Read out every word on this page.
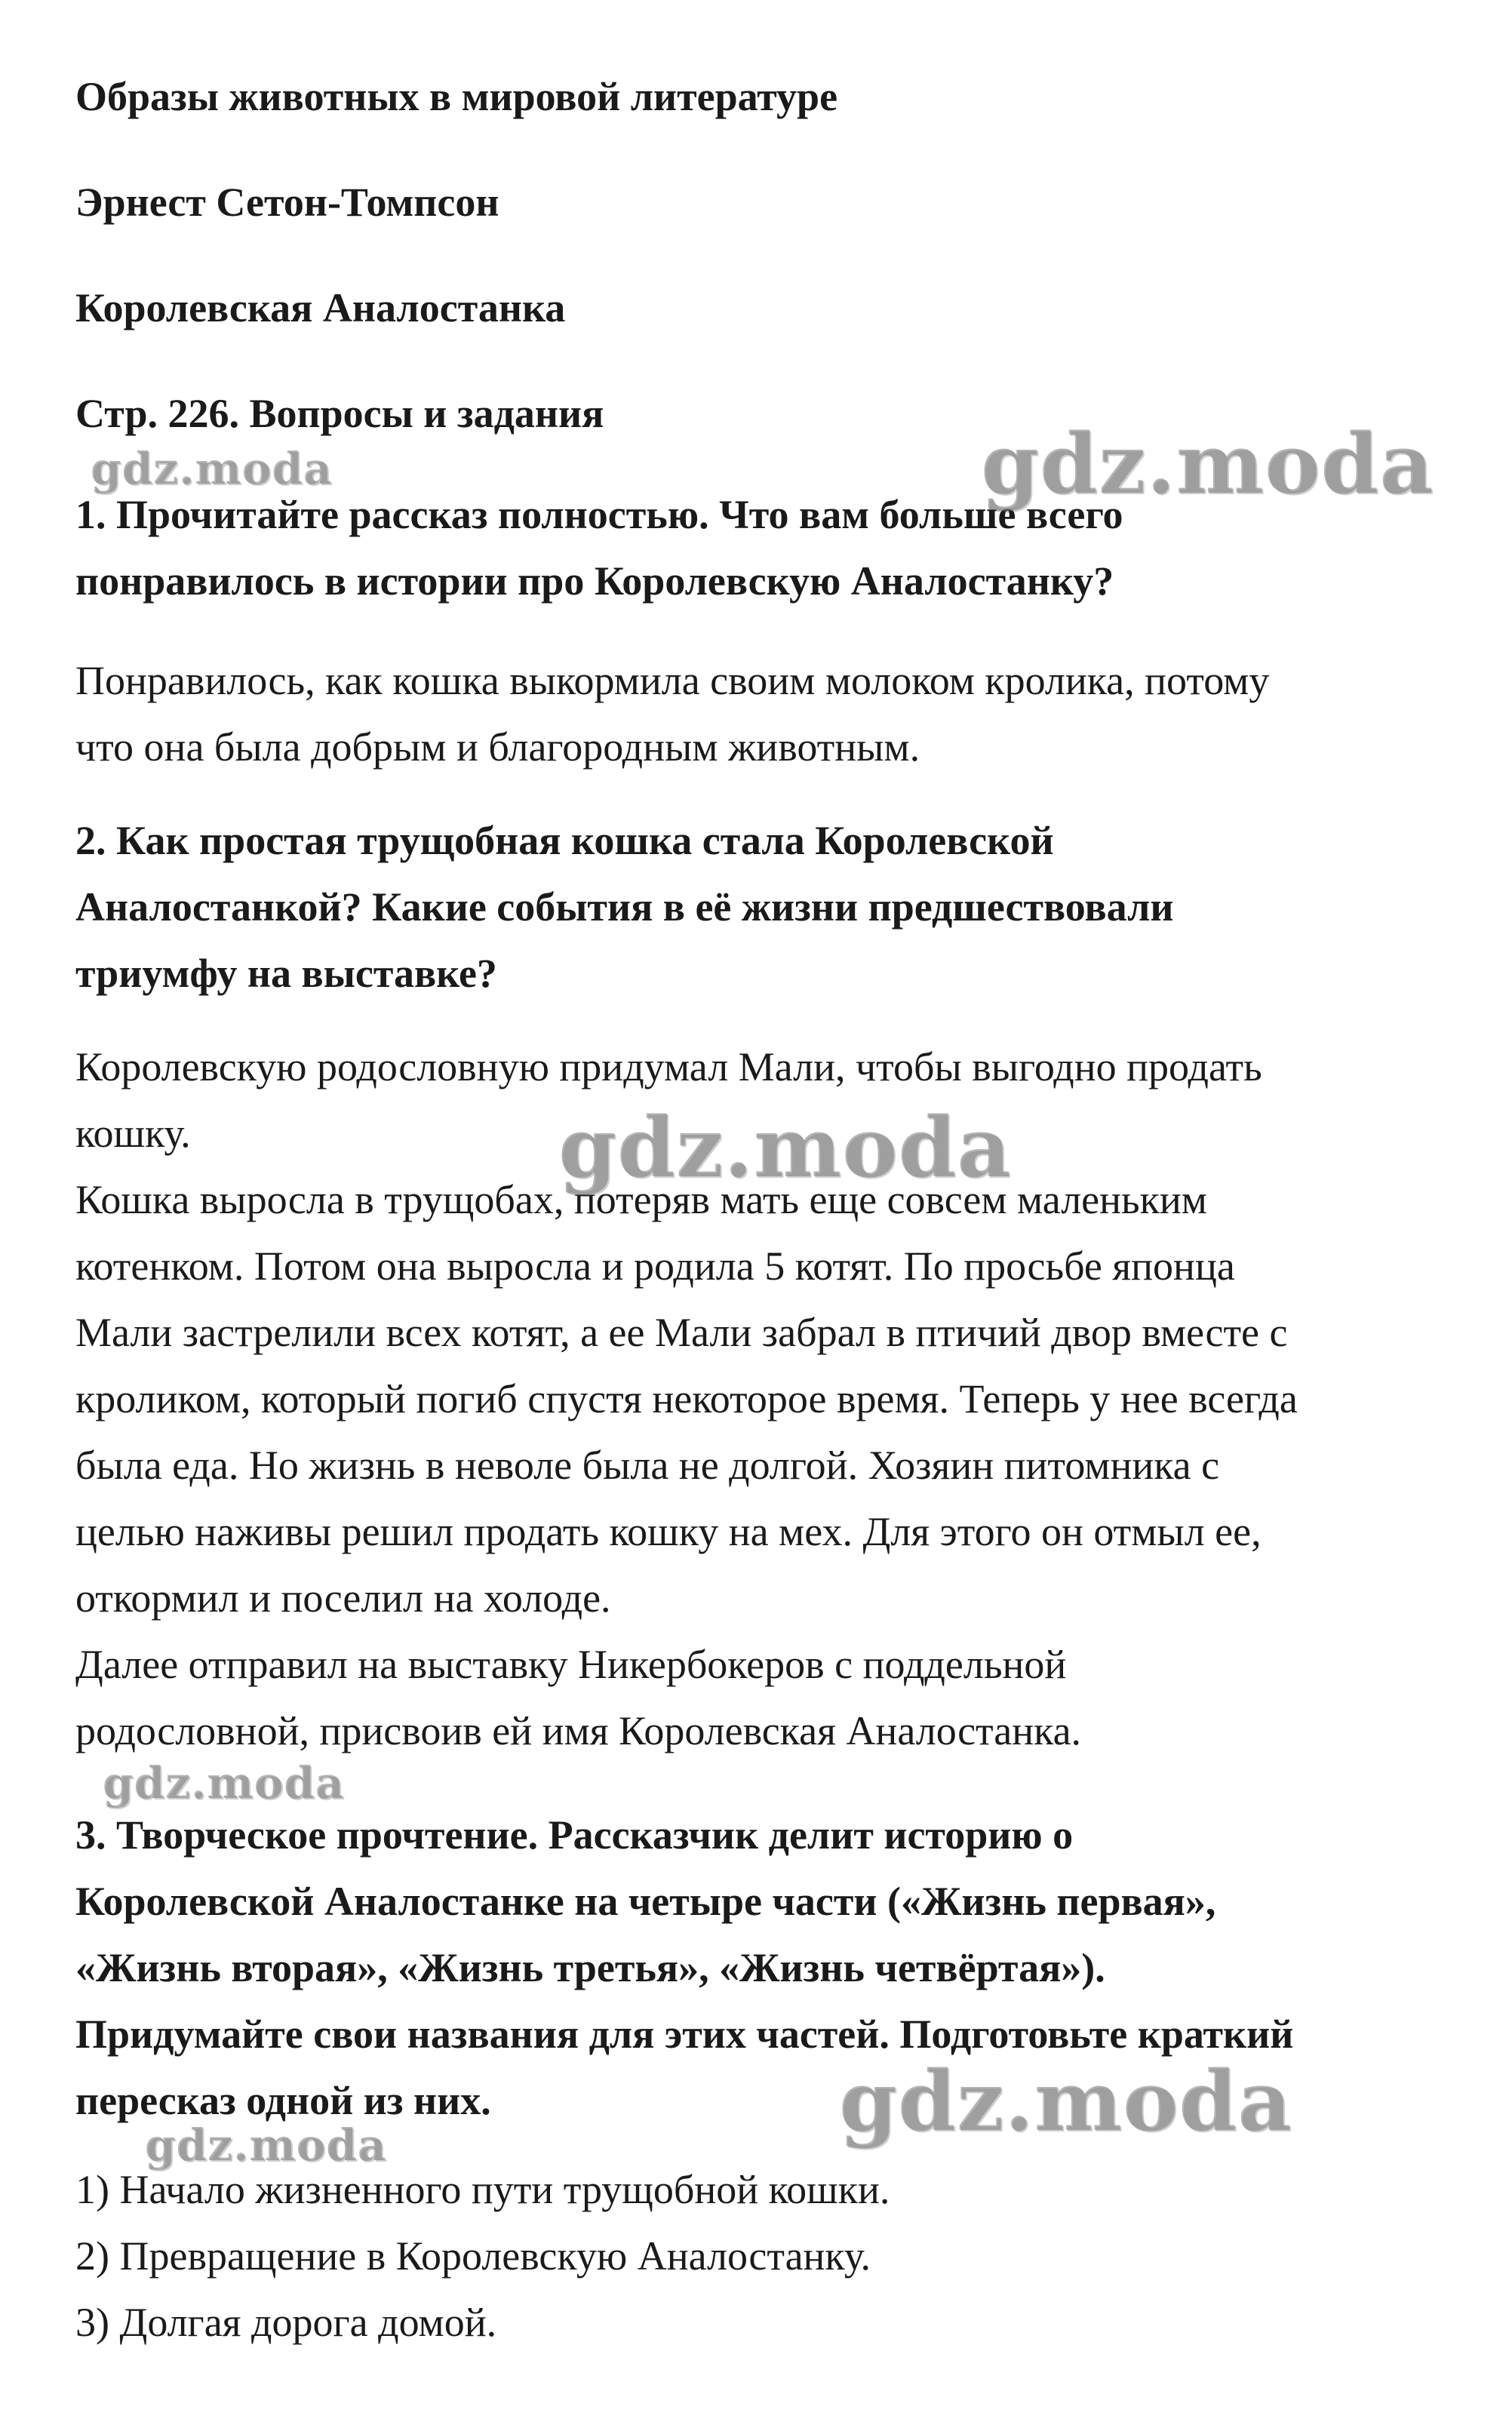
Образы животных в мировой литературе
Эрнест Сетон-Томпсон
Королевская Аналостанка
Стр. 226. Вопросы и задания
1. Прочитайте рассказ полностью. Что вам больше всего
понравилось в истории про Королевскую Аналостанку?
Понравилось, как кошка выкормила своим молоком кролика, потому
что она была добрым и благородным животным.
2. Как простая трущобная кошка стала Королевской
Аналостанкой? Какие события в её жизни предшествовали
триумфу на выставке?
Королевскую родословную придумал Мали, чтобы выгодно продать
кошку.
Кошка выросла в трущобах, потеряв мать еще совсем маленьким
котенком. Потом она выросла и родила 5 котят. По просьбе японца
Мали застрелили всех котят, а ее Мали забрал в птичий двор вместе с
кроликом, который погиб спустя некоторое время. Теперь у нее всегда
была еда. Но жизнь в неволе была не долгой. Хозяин питомника с
целью наживы решил продать кошку на мех. Для этого он отмыл ее,
откормил и поселил на холоде.
Далее отправил на выставку Никербокеров с поддельной
родословной, присвоив ей имя Королевская Аналостанка.
3. Творческое прочтение. Рассказчик делит историю о
Королевской Аналостанке на четыре части («Жизнь первая»,
«Жизнь вторая», «Жизнь третья», «Жизнь четвёртая»).
Придумайте свои названия для этих частей. Подготовьте краткий
пересказ одной из них.
1) Начало жизненного пути трущобной кошки.
2) Превращение в Королевскую Аналостанку.
3) Долгая дорога домой.
gdz.moda	gdz.moda
gdz.moda
gdz.moda
gdz.moda
gdz.moda
